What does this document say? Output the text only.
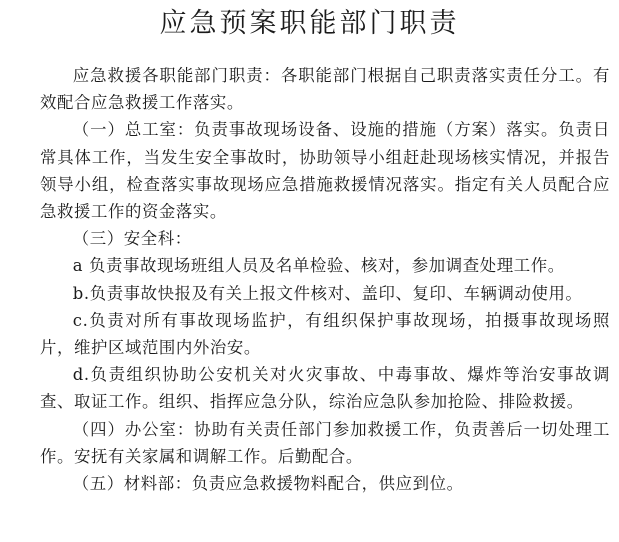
应急预案职能部门职责

应急救援各职能部门职责：各职能部门根据自己职责落实责任分工。有效配合应急救援工作落实。

（一）总工室：负责事故现场设备、设施的措施（方案）落实。负责日常具体工作，当发生安全事故时，协助领导小组赶赴现场核实情况，并报告领导小组，检查落实事故现场应急措施救援情况落实。指定有关人员配合应急救援工作的资金落实。

（三）安全科：

a 负责事故现场班组人员及名单检验、核对，参加调查处理工作。

b.负责事故快报及有关上报文件核对、盖印、复印、车辆调动使用。

c.负责对所有事故现场监护，有组织保护事故现场，拍摄事故现场照片，维护区域范围内外治安。

d.负责组织协助公安机关对火灾事故、中毒事故、爆炸等治安事故调查、取证工作。组织、指挥应急分队，综治应急队参加抢险、排险救援。

（四）办公室：协助有关责任部门参加救援工作，负责善后一切处理工作。安抚有关家属和调解工作。后勤配合。

（五）材料部：负责应急救援物料配合，供应到位。
